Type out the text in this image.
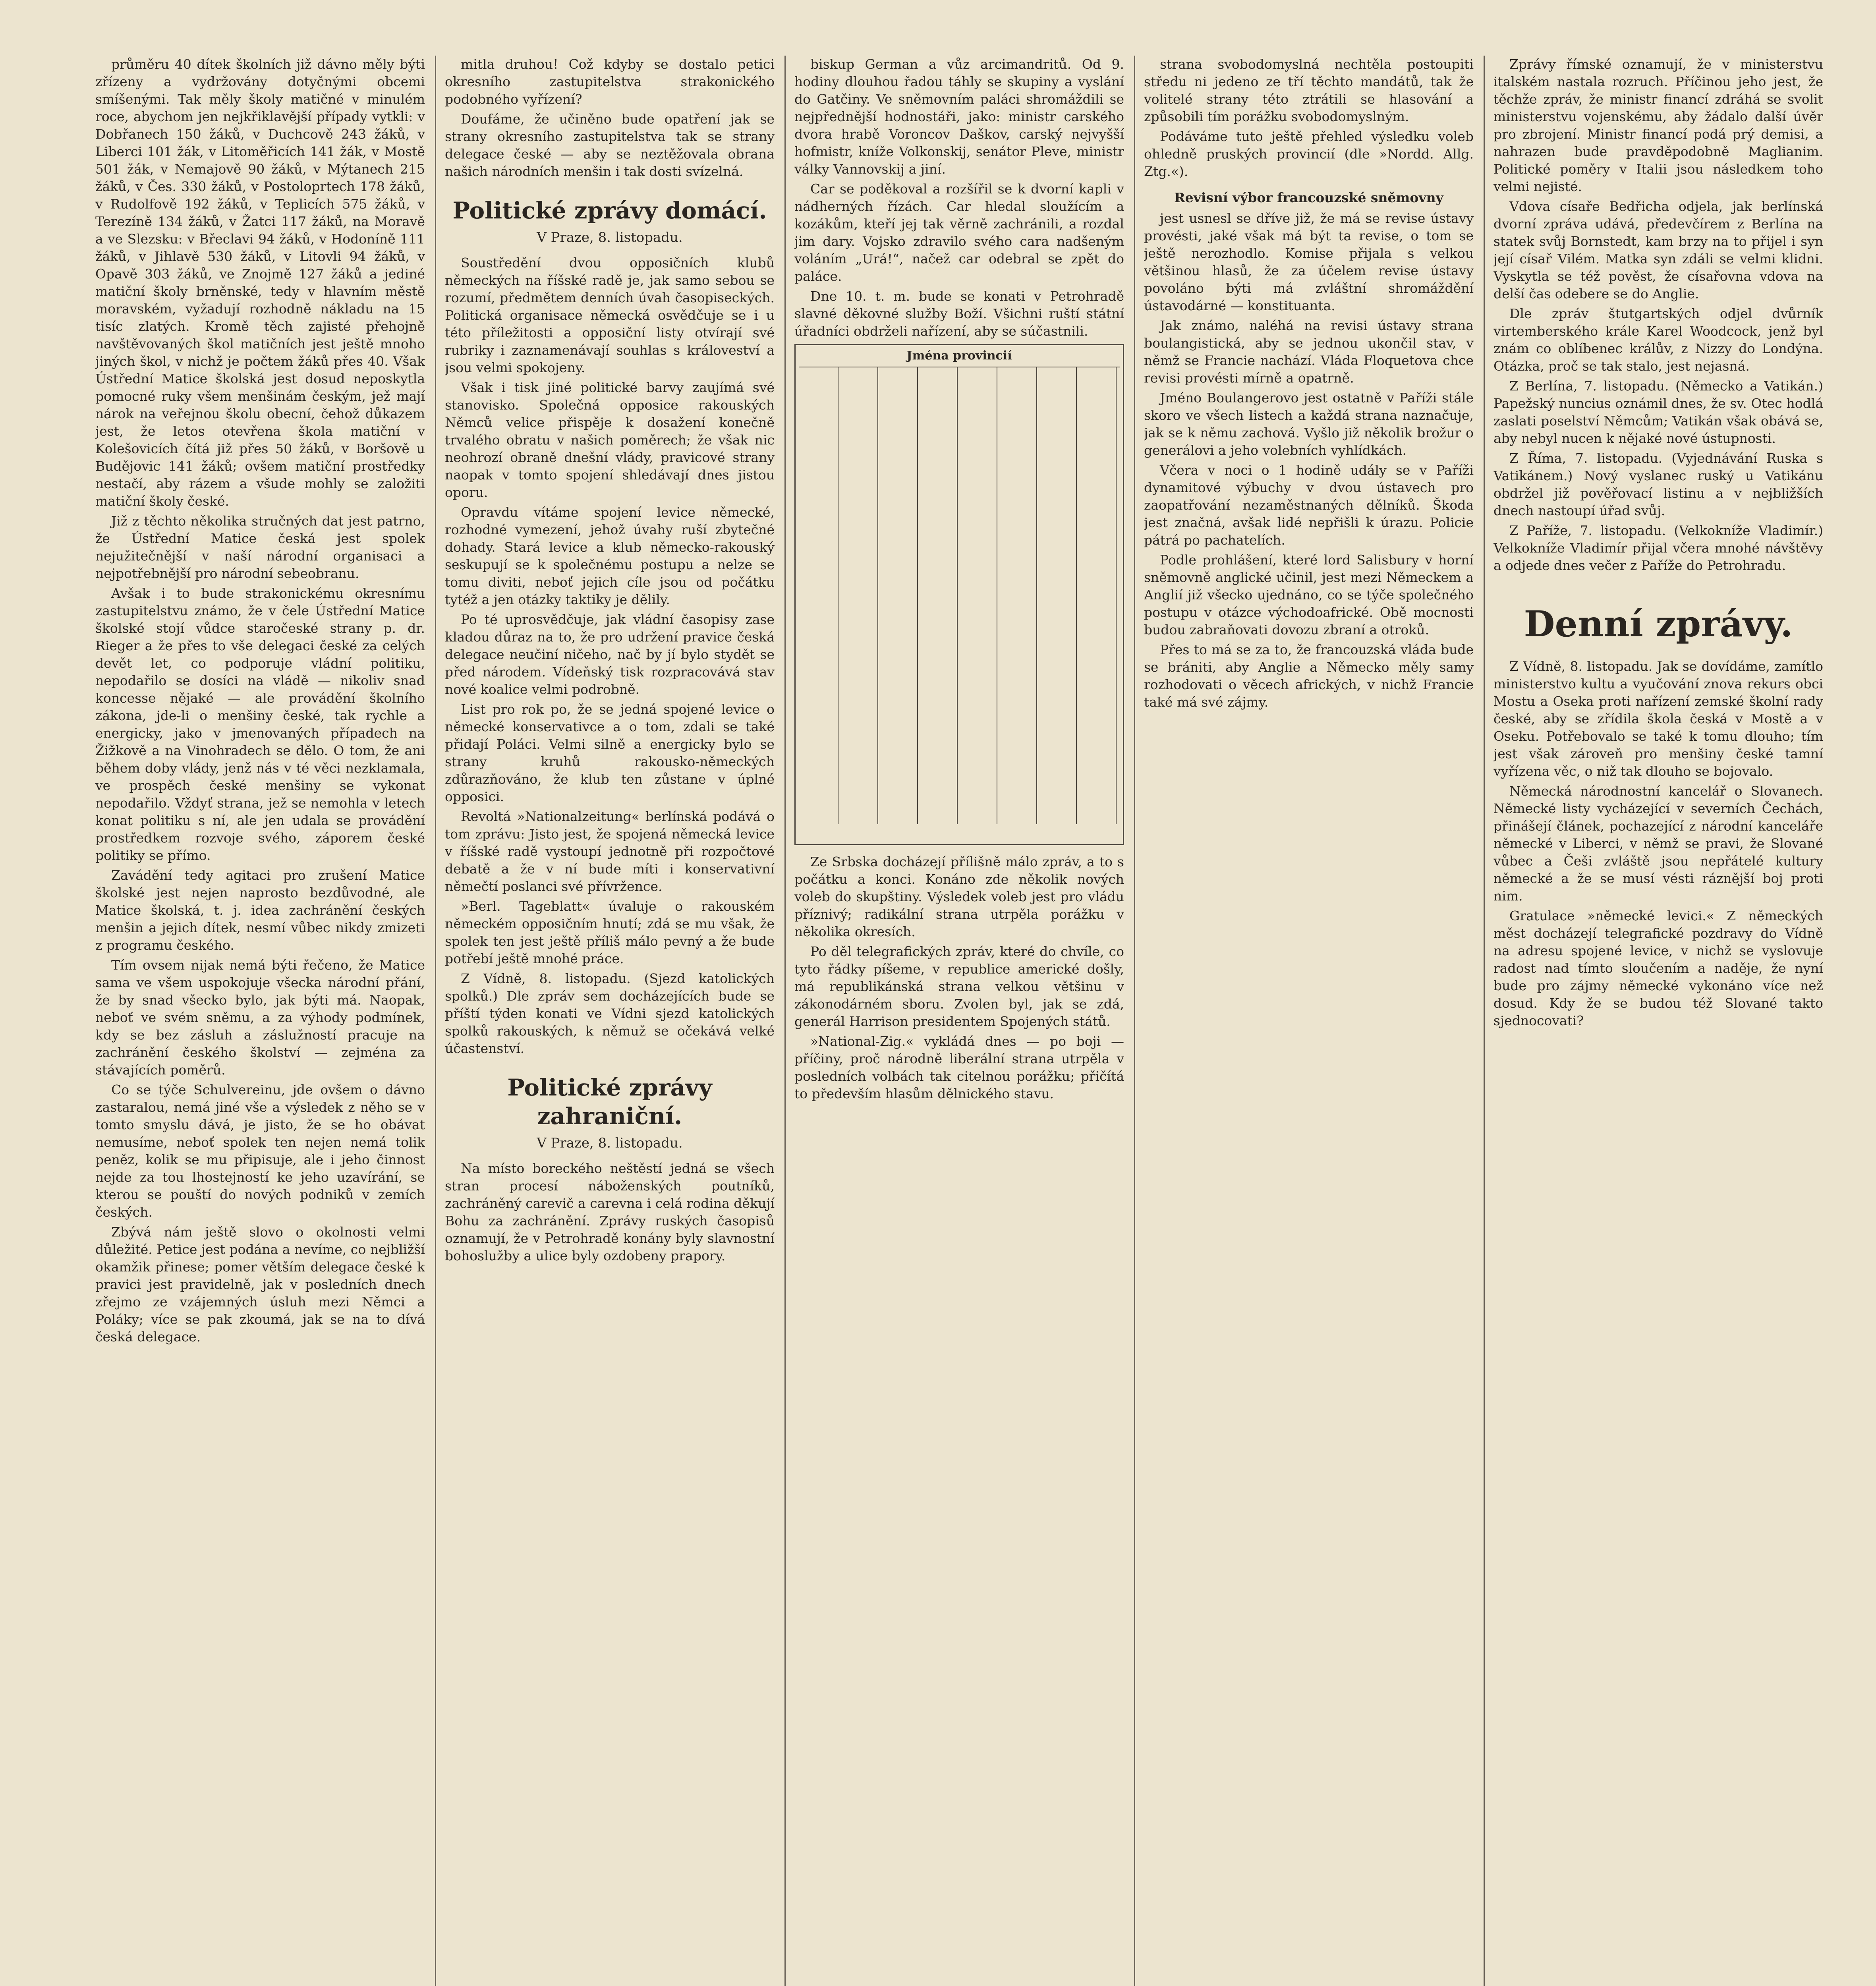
průměru 40 dítek školních již dávno měly býti zřízeny a vydržovány dotyčnými obcemi smíšenými. Tak měly školy matičné v minulém roce, abychom jen nejkřiklavější případy vytkli: v Dobřanech 150 žáků, v Duchcově 243 žáků, v Liberci 101 žák, v Litoměřicích 141 žák, v Mostě 501 žák, v Nemajově 90 žáků, v Mýtanech 215 žáků, v Čes. 330 žáků, v Postoloprtech 178 žáků, v Rudolfově 192 žáků, v Teplicích 575 žáků, v Terezíně 134 žáků, v Žatci 117 žáků, na Moravě a ve Slezsku: v Břeclavi 94 žáků, v Hodoníně 111 žáků, v Jihlavě 530 žáků, v Litovli 94 žáků, v Opavě 303 žáků, ve Znojmě 127 žáků a jediné matiční školy brněnské, tedy v hlavním městě moravském, vyžadují rozhodně nákladu na 15 tisíc zlatých. Kromě těch zajisté přehojně navštěvovaných škol matičních jest ještě mnoho jiných škol, v nichž je počtem žáků přes 40. Však Ústřední Matice školská jest dosud neposkytla pomocné ruky všem menšinám českým, jež mají nárok na veřejnou školu obecní, čehož důkazem jest, že letos otevřena škola matiční v Kolešovicích čítá již přes 50 žáků, v Boršově u Budějovic 141 žáků; ovšem matiční prostředky nestačí, aby rázem a všude mohly se založiti matiční školy české.

Již z těchto několika stručných dat jest patrno, že Ústřední Matice česká jest spolek nejužitečnější v naší národní organisaci a nejpotřebnější pro národní sebeobranu.

Avšak i to bude strakonickému okresnímu zastupitelstvu známo, že v čele Ústřední Matice školské stojí vůdce staročeské strany p. dr. Rieger a že přes to vše delegaci české za celých devět let, co podporuje vládní politiku, nepodařilo se dosíci na vládě — nikoliv snad koncesse nějaké — ale provádění školního zákona, jde-li o menšiny české, tak rychle a energicky, jako v jmenovaných případech na Žižkově a na Vinohradech se dělo. O tom, že ani během doby vlády, jenž nás v té věci nezklamala, ve prospěch české menšiny se vykonat nepodařilo. Vždyť strana, jež se nemohla v letech konat politiku s ní, ale jen udala se provádění prostředkem rozvoje svého, záporem české politiky se přímo.

Zavádění tedy agitaci pro zrušení Matice školské jest nejen naprosto bezdůvodné, ale Matice školská, t. j. idea zachránění českých menšin a jejich dítek, nesmí vůbec nikdy zmizeti z programu českého.

Tím ovsem nijak nemá býti řečeno, že Matice sama ve všem uspokojuje všecka národní přání, že by snad všecko bylo, jak býti má. Naopak, neboť ve svém sněmu, a za výhody podmínek, kdy se bez zásluh a záslužností pracuje na zachránění českého školství — zejména za stávajících poměrů.

Co se týče Schulvereinu, jde ovšem o dávno zastaralou, nemá jiné vše a výsledek z něho se v tomto smyslu dává, je jisto, že se ho obávat nemusíme, neboť spolek ten nejen nemá tolik peněz, kolik se mu připisuje, ale i jeho činnost nejde za tou lhostejností ke jeho uzavírání, se kterou se pouští do nových podniků v zemích českých.

Zbývá nám ještě slovo o okolnosti velmi důležité. Petice jest podána a nevíme, co nejbližší okamžik přinese; pomer větším delegace české k pravici jest pravidelně, jak v posledních dnech zřejmo ze vzájemných úsluh mezi Němci a Poláky; více se pak zkoumá, jak se na to dívá česká delegace.

mitla druhou! Což kdyby se dostalo petici okresního zastupitelstva strakonického podobného vyřízení?

Doufáme, že učiněno bude opatření jak se strany okresního zastupitelstva tak se strany delegace české — aby se neztěžovala obrana našich národních menšin i tak dosti svízelná.

Politické zprávy domácí.
V Praze, 8. listopadu.

Soustředění dvou opposičních klubů německých na říšské radě je, jak samo sebou se rozumí, předmětem denních úvah časopiseckých. Politická organisace německá osvědčuje se i u této příležitosti a opposiční listy otvírají své rubriky i zaznamenávají souhlas s královeství a jsou velmi spokojeny.

Však i tisk jiné politické barvy zaujímá své stanovisko. Společná opposice rakouských Němců velice přispěje k dosažení konečně trvalého obratu v našich poměrech; že však nic neohrozí obraně dnešní vlády, pravicové strany naopak v tomto spojení shledávají dnes jistou oporu.

Opravdu vítáme spojení levice německé, rozhodné vymezení, jehož úvahy ruší zbytečné dohady. Stará levice a klub německo-rakouský seskupují se k společnému postupu a nelze se tomu diviti, neboť jejich cíle jsou od počátku tytéž a jen otázky taktiky je dělily.

Po té uprosvědčuje, jak vládní časopisy zase kladou důraz na to, že pro udržení pravice česká delegace neučiní ničeho, nač by jí bylo stydět se před národem. Vídeňský tisk rozpracovává stav nové koalice velmi podrobně.

List pro rok po, že se jedná spojené levice o německé konservativce a o tom, zdali se také přidají Poláci. Velmi silně a energicky bylo se strany kruhů rakousko-německých zdůrazňováno, že klub ten zůstane v úplné opposici.

Revoltá »Nationalzeitung« berlínská podává o tom zprávu: Jisto jest, že spojená německá levice v říšské radě vystoupí jednotně při rozpočtové debatě a že v ní bude míti i konservativní němečtí poslanci své přívržence.

»Berl. Tageblatt« úvaluje o rakouském německém opposičním hnutí; zdá se mu však, že spolek ten jest ještě příliš málo pevný a že bude potřebí ještě mnohé práce.

Z Vídně, 8. listopadu. (Sjezd katolických spolků.) Dle zpráv sem docházejících bude se příští týden konati ve Vídni sjezd katolických spolků rakouských, k němuž se očekává velké účastenství.

Politické zprávy zahraniční.
V Praze, 8. listopadu.

Na místo boreckého neštěstí jedná se všech stran procesí náboženských poutníků, zachráněný carevič a carevna i celá rodina děkují Bohu za zachránění. Zprávy ruských časopisů oznamují, že v Petrohradě konány byly slavnostní bohoslužby a ulice byly ozdobeny prapory.

biskup German a vůz arcimandritů. Od 9. hodiny dlouhou řadou táhly se skupiny a vyslání do Gatčiny. Ve sněmovním paláci shromáždili se nejpřednější hodnostáři, jako: ministr carského dvora hrabě Voroncov Daškov, carský nejvyšší hofmistr, kníže Volkonskij, senátor Pleve, ministr války Vannovskij a jiní.

Car se poděkoval a rozšířil se k dvorní kapli v nádherných řízách. Car hledal sloužícím a kozákům, kteří jej tak věrně zachránili, a rozdal jim dary. Vojsko zdravilo svého cara nadšeným voláním „Urá!“, načež car odebral se zpět do paláce.

Dne 10. t. m. bude se konati v Petrohradě slavné děkovné služby Boží. Všichni ruští státní úřadníci obdrželi nařízení, aby se súčastnili.

Jména provincií

Ze Srbska docházejí přílišně málo zpráv, a to s počátku a konci. Konáno zde několik nových voleb do skupštiny. Výsledek voleb jest pro vládu příznivý; radikální strana utrpěla porážku v několika okresích.

Po děl telegrafických zpráv, které do chvíle, co tyto řádky píšeme, v republice americké došly, má republikánská strana velkou většinu v zákonodárném sboru. Zvolen byl, jak se zdá, generál Harrison presidentem Spojených států.

»National-Zig.« vykládá dnes — po boji — příčiny, proč národně liberální strana utrpěla v posledních volbách tak citelnou porážku; přičítá to především hlasům dělnického stavu.

strana svobodomyslná nechtěla postoupiti středu ni jedeno ze tří těchto mandátů, tak že volitelé strany této ztrátili se hlasování a způsobili tím porážku svobodomyslným.

Podáváme tuto ještě přehled výsledku voleb ohledně pruských provincií (dle »Nordd. Allg. Ztg.«).

Revisní výbor francouzské sněmovny

jest usnesl se dříve již, že má se revise ústavy provésti, jaké však má být ta revise, o tom se ještě nerozhodlo. Komise přijala s velkou většinou hlasů, že za účelem revise ústavy povoláno býti má zvláštní shromáždění ústavodárné — konstituanta.

Jak známo, naléhá na revisi ústavy strana boulangistická, aby se jednou ukončil stav, v němž se Francie nachází. Vláda Floquetova chce revisi provésti mírně a opatrně.

Jméno Boulangerovo jest ostatně v Paříži stále skoro ve všech listech a každá strana naznačuje, jak se k němu zachová. Vyšlo již několik brožur o generálovi a jeho volebních vyhlídkách.

Včera v noci o 1 hodině udály se v Paříži dynamitové výbuchy v dvou ústavech pro zaopatřování nezaměstnaných dělníků. Škoda jest značná, avšak lidé nepřišli k úrazu. Policie pátrá po pachatelích.

Podle prohlášení, které lord Salisbury v horní sněmovně anglické učinil, jest mezi Německem a Anglií již všecko ujednáno, co se týče společného postupu v otázce východoafrické. Obě mocnosti budou zabraňovati dovozu zbraní a otroků.

Přes to má se za to, že francouzská vláda bude se brániti, aby Anglie a Německo měly samy rozhodovati o věcech afrických, v nichž Francie také má své zájmy.

Zprávy římské oznamují, že v ministerstvu italském nastala rozruch. Příčinou jeho jest, že těchže zpráv, že ministr financí zdráhá se svolit ministerstvu vojenskému, aby žádalo další úvěr pro zbrojení. Ministr financí podá prý demisi, a nahrazen bude pravděpodobně Maglianim. Politické poměry v Italii jsou následkem toho velmi nejisté.

Vdova císaře Bedřicha odjela, jak berlínská dvorní zpráva udává, předevčírem z Berlína na statek svůj Bornstedt, kam brzy na to přijel i syn její císař Vilém. Matka syn zdáli se velmi klidni. Vyskytla se též pověst, že císařovna vdova na delší čas odebere se do Anglie.

Dle zpráv štutgartských odjel dvůrník virtemberského krále Karel Woodcock, jenž byl znám co oblíbenec králův, z Nizzy do Londýna. Otázka, proč se tak stalo, jest nejasná.

Z Berlína, 7. listopadu. (Německo a Vatikán.) Papežský nuncius oznámil dnes, že sv. Otec hodlá zaslati poselství Němcům; Vatikán však obává se, aby nebyl nucen k nějaké nové ústupnosti.

Z Říma, 7. listopadu. (Vyjednávání Ruska s Vatikánem.) Nový vyslanec ruský u Vatikánu obdržel již pověřovací listinu a v nejbližších dnech nastoupí úřad svůj.

Z Paříže, 7. listopadu. (Velkokníže Vladimír.) Velkokníže Vladimír přijal včera mnohé návštěvy a odjede dnes večer z Paříže do Petrohradu.

Denní zprávy.

Z Vídně, 8. listopadu. Jak se dovídáme, zamítlo ministerstvo kultu a vyučování znova rekurs obci Mostu a Oseka proti nařízení zemské školní rady české, aby se zřídila škola česká v Mostě a v Oseku. Potřebovalo se také k tomu dlouho; tím jest však zároveň pro menšiny české tamní vyřízena věc, o niž tak dlouho se bojovalo.

Německá národnostní kancelář o Slovanech. Německé listy vycházející v severních Čechách, přinášejí článek, pochazející z národní kanceláře německé v Liberci, v němž se pravi, že Slované vůbec a Češi zvláště jsou nepřátelé kultury německé a že se musí vésti ráznější boj proti nim.

Gratulace »německé levici.« Z německých měst docházejí telegrafické pozdravy do Vídně na adresu spojené levice, v nichž se vyslovuje radost nad tímto sloučením a naděje, že nyní bude pro zájmy německé vykonáno více než dosud. Kdy že se budou též Slované takto sjednocovati?
